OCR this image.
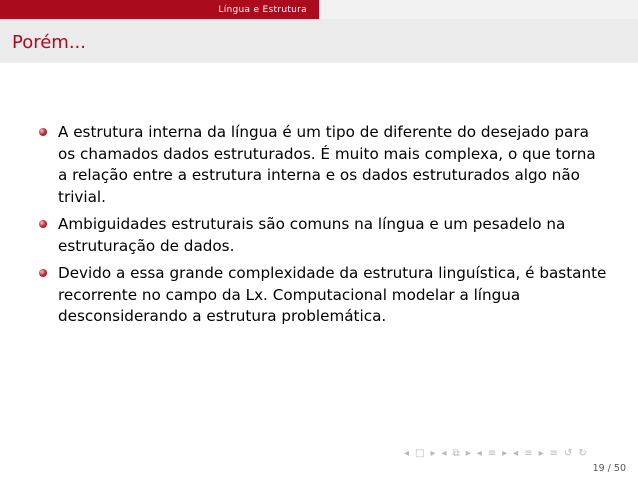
Língua e Estrutura
Porém...
A estrutura interna da língua é um tipo de diferente do desejado para
os chamados dados estruturados. É muito mais complexa, o que torna
a relação entre a estrutura interna e os dados estruturados algo não
trivial.
Ambiguidades estruturais são comuns na língua e um pesadelo na
estruturação de dados.
Devido a essa grande complexidade da estrutura linguística, é bastante
recorrente no campo da Lx. Computacional modelar a língua
desconsiderando a estrutura problemática.
◂ □ ▸ ◂ ⧉ ▸ ◂ ≡ ▸ ◂ ≡ ▸ ≡ ↺ ↻
19 / 50
